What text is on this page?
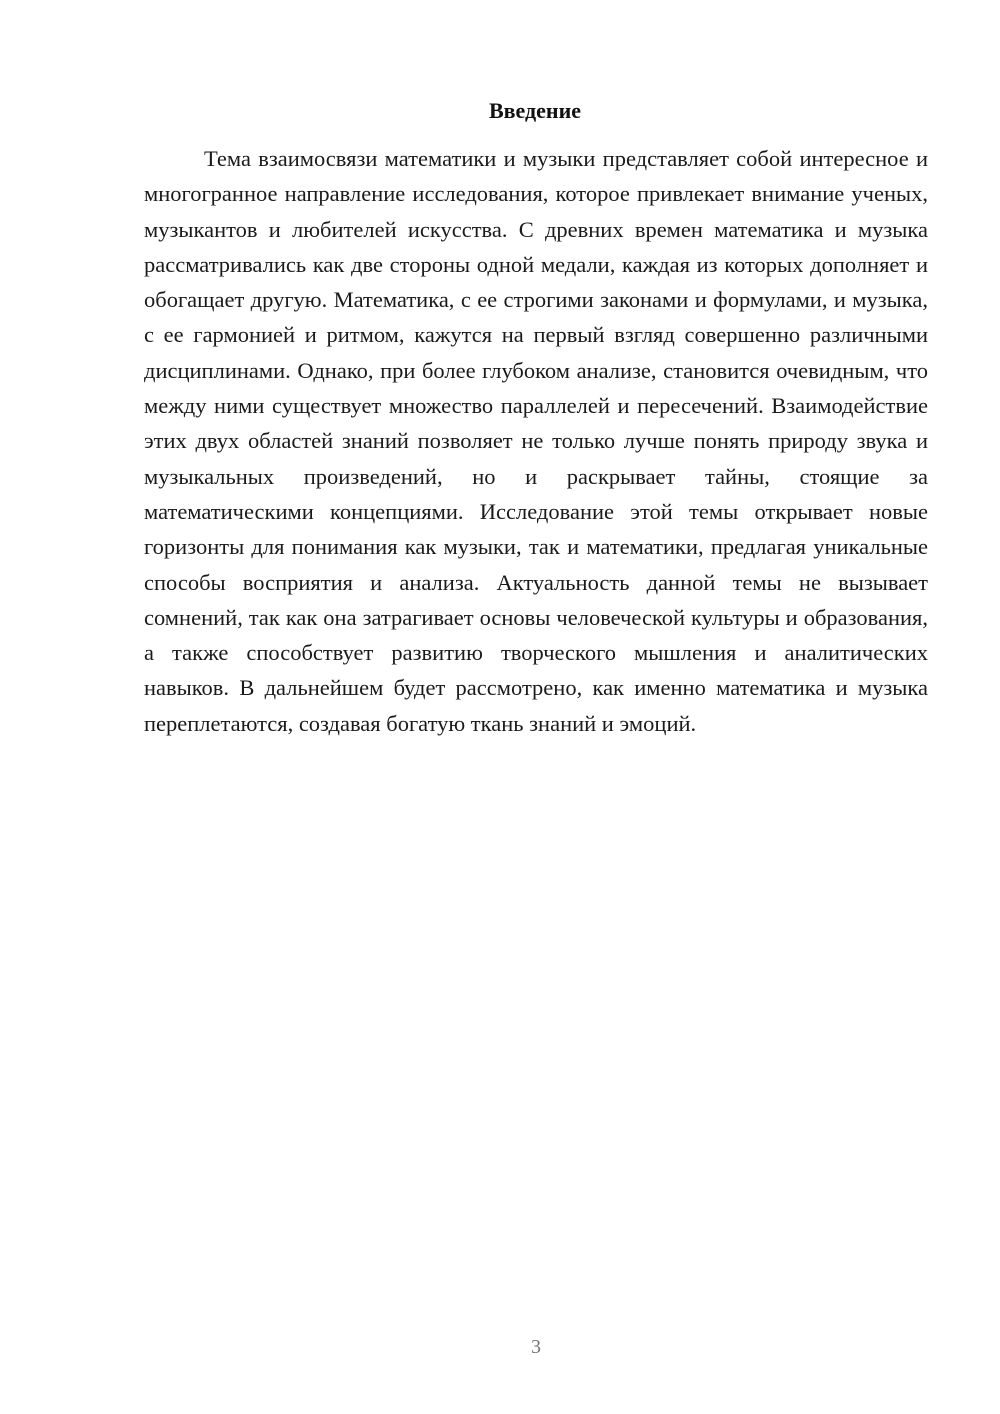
Введение

Тема взаимосвязи математики и музыки представляет собой интересное и многогранное направление исследования, которое привлекает внимание ученых, музыкантов и любителей искусства. С древних времен математика и музыка рассматривались как две стороны одной медали, каждая из которых дополняет и обогащает другую. Математика, с ее строгими законами и формулами, и музыка, с ее гармонией и ритмом, кажутся на первый взгляд совершенно различными дисциплинами. Однако, при более глубоком анализе, становится очевидным, что между ними существует множество параллелей и пересечений. Взаимодействие этих двух областей знаний позволяет не только лучше понять природу звука и музыкальных произведений, но и раскрывает тайны, стоящие за математическими концепциями. Исследование этой темы открывает новые горизонты для понимания как музыки, так и математики, предлагая уникальные способы восприятия и анализа. Актуальность данной темы не вызывает сомнений, так как она затрагивает основы человеческой культуры и образования, а также способствует развитию творческого мышления и аналитических навыков. В дальнейшем будет рассмотрено, как именно математика и музыка переплетаются, создавая богатую ткань знаний и эмоций.

3
